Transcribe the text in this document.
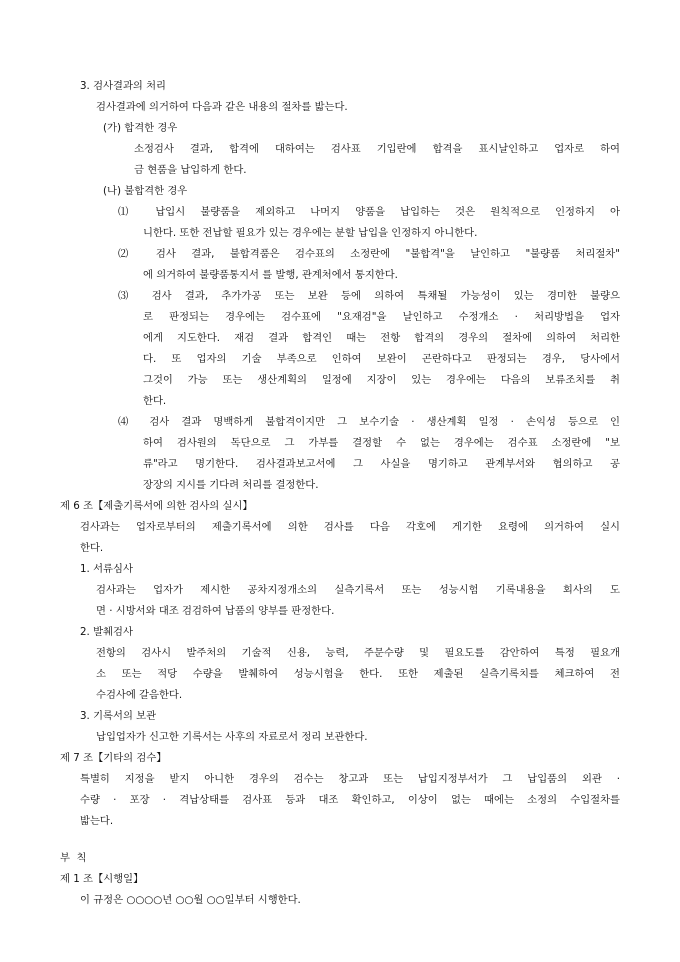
3. 검사결과의 처리
검사결과에 의거하여 다음과 같은 내용의 절차를 밟는다.
(가) 합격한 경우
소정검사 결과, 합격에 대하여는 검사표 기입란에 합격을 표시날인하고 업자로 하여
금 현품을 납입하게 한다.
(나) 불합격한 경우
⑴ 납입시 불량품을 제외하고 나머지 양품을 납입하는 것은 원칙적으로 인정하지 아
니한다. 또한 전납할 필요가 있는 경우에는 분할 납입을 인정하지 아니한다.
⑵ 검사 결과, 불합격품은 검수표의 소정란에 "불합격"을 날인하고 "불량품 처리절차"
에 의거하여 불량품통지서 를 발행, 관계처에서 통지한다.
⑶ 검사 결과, 추가가공 또는 보완 등에 의하여 특채될 가능성이 있는 경미한 불량으
로 판정되는 경우에는 검수표에 "요재검"을 날인하고 수정개소 · 처리방법을 업자
에게 지도한다. 재검 결과 합격인 때는 전항 합격의 경우의 절차에 의하여 처리한
다. 또 업자의 기술 부족으로 인하여 보완이 곤란하다고 판정되는 경우, 당사에서
그것이 가능 또는 생산계획의 일정에 지장이 있는 경우에는 다음의 보류조치를 취
한다.
⑷ 검사 결과 명백하게 불합격이지만 그 보수기술 · 생산계획 일정 · 손익성 등으로 인
하여 검사원의 독단으로 그 가부를 결정할 수 없는 경우에는 검수표 소정란에 "보
류"라고 명기한다. 검사결과보고서에 그 사실을 명기하고 관계부서와 협의하고 공
장장의 지시를 기다려 처리를 결정한다.
제 6 조【제출기록서에 의한 검사의 실시】
검사과는 업자로부터의 제출기록서에 의한 검사를 다음 각호에 게기한 요령에 의거하여 실시
한다.
1. 서류심사
검사과는 업자가 제시한 공차지정개소의 실측기록서 또는 성능시험 기록내용을 회사의 도
면 · 시방서와 대조 검검하여 납품의 양부를 판정한다.
2. 발췌검사
전항의 검사시 발주처의 기술적 신용, 능력, 주문수량 및 필요도를 감안하여 특정 필요개
소 또는 적당 수량을 발췌하여 성능시험을 한다. 또한 제출된 실측기록치를 체크하여 전
수검사에 갈음한다.
3. 기록서의 보관
납입업자가 신고한 기록서는 사후의 자료로서 정리 보관한다.
제 7 조【기타의 검수】
특별히 지정을 받지 아니한 경우의 검수는 창고과 또는 납입지정부서가 그 납입품의 외관 ·
수량 · 포장 · 격납상태를 검사표 등과 대조 확인하고, 이상이 없는 때에는 소정의 수입절차를
밟는다.
부  칙
제 1 조【시행일】
이 규정은 ○○○○년 ○○월 ○○일부터 시행한다.
